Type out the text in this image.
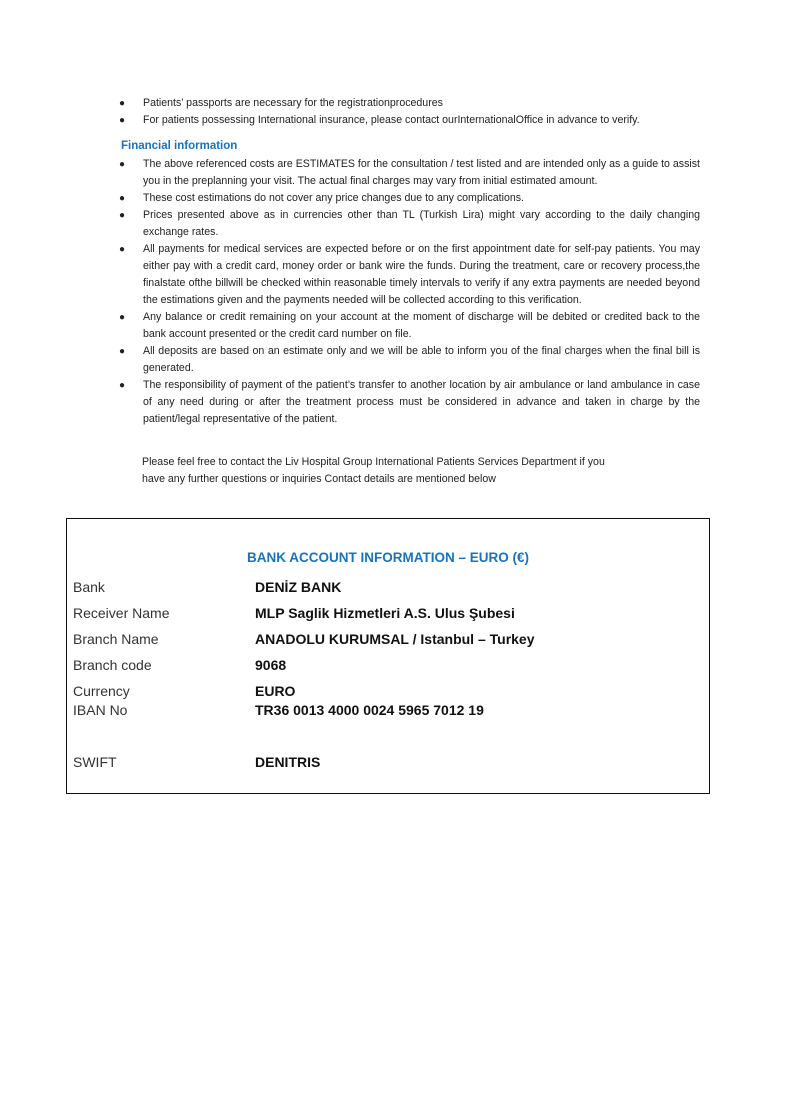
● Patients’ passports are necessary for the registrationprocedures
● For patients possessing International insurance, please contact ourInternationalOffice in advance to verify.
Financial information
● The above referenced costs are ESTIMATES for the consultation / test listed and are intended only as a guide to assist you in the preplanning your visit. The actual final charges may vary from initial estimated amount.
● These cost estimations do not cover any price changes due to any complications.
● Prices presented above as in currencies other than TL (Turkish Lira) might vary according to the daily changing exchange rates.
● All payments for medical services are expected before or on the first appointment date for self-pay patients. You may either pay with a credit card, money order or bank wire the funds. During the treatment, care or recovery process,the finalstate ofthe billwill be checked within reasonable timely intervals to verify if any extra payments are needed beyond the estimations given and the payments needed will be collected according to this verification.
● Any balance or credit remaining on your account at the moment of discharge will be debited or credited back to the bank account presented or the credit card number on file.
● All deposits are based on an estimate only and we will be able to inform you of the final charges when the final bill is generated.
● The responsibility of payment of the patient’s transfer to another location by air ambulance or land ambulance in case of any need during or after the treatment process must be considered in advance and taken in charge by the patient/legal representative of the patient.
Please feel free to contact the Liv Hospital Group International Patients Services Department if you
have any further questions or inquiries Contact details are mentioned below
BANK ACCOUNT INFORMATION – EURO (€)
Bank	DENİZ BANK
Receiver Name	MLP Saglik Hizmetleri A.S. Ulus Şubesi
Branch Name	ANADOLU KURUMSAL / Istanbul – Turkey
Branch code	9068
Currency	EURO
IBAN No	TR36 0013 4000 0024 5965 7012 19
SWIFT	DENITRIS
